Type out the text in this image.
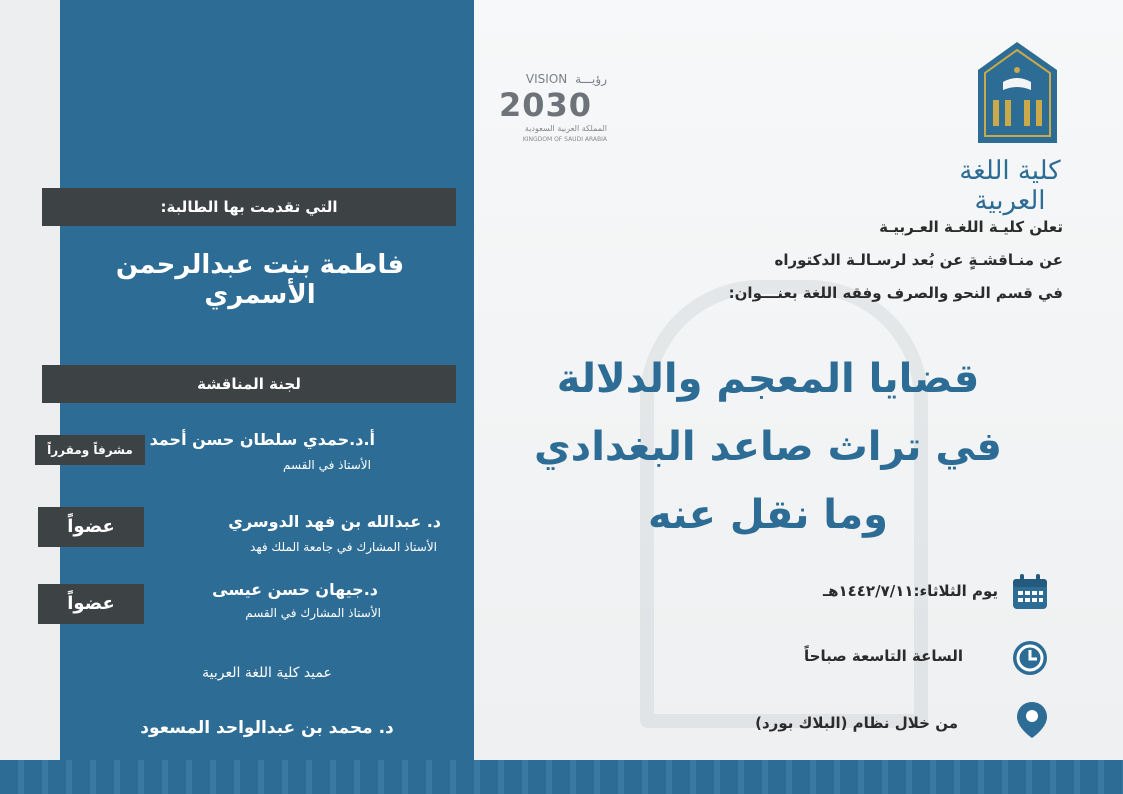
VISION رؤيـــة
2030
المملكة العربية السعودية
KINGDOM OF SAUDI ARABIA
كلية اللغة العربية
تعلن كليـة اللغـة العـربيـة
عن منـاقشـةٍ عن بُعد لرسـالـة الدكتوراه
في قسم النحو والصرف وفقه اللغة بعنـــوان:
قضايا المعجم والدلالة
في تراث صاعد البغدادي
وما نقل عنه
يوم الثلاثاء:١٤٤٢/٧/١١هـ
الساعة التاسعة صباحاً
من خلال نظام (البلاك بورد)
التي تقدمت بها الطالبة:
فاطمة بنت عبدالرحمن الأسمري
لجنة المناقشة
أ.د.حمدي سلطان حسن أحمد
الأستاذ في القسم
مشرفاً ومقرراً
د. عبدالله بن فهد الدوسري
الأستاذ المشارك في جامعة الملك فهد
عضواً
د.جيهان حسن عيسى
الأستاذ المشارك في القسم
عضواً
عميد كلية اللغة العربية
د. محمد بن عبدالواحد المسعود
